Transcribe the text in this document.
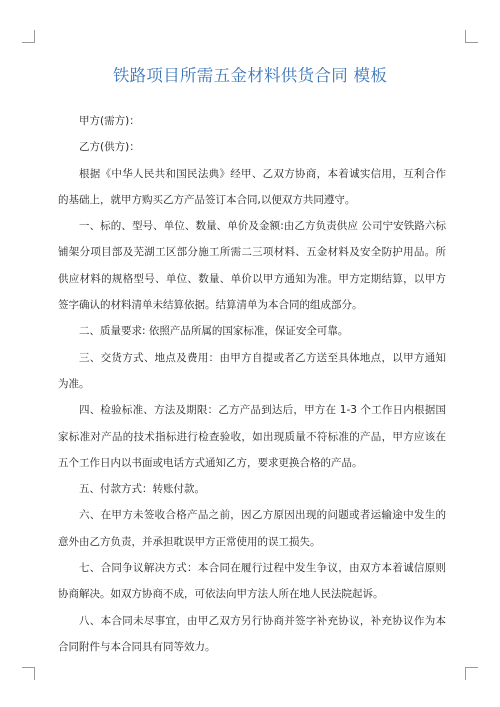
铁路项目所需五金材料供货合同 模板

甲方(需方)：

乙方(供方)：

根据《中华人民共和国民法典》经甲、乙双方协商，本着诚实信用，互利合作的基础上，就甲方购买乙方产品签订本合同,以便双方共同遵守。

一、标的、型号、单位、数量、单价及金额:由乙方负责供应 公司宁安铁路六标铺架分项目部及芜湖工区部分施工所需二三项材料、五金材料及安全防护用品。所供应材料的规格型号、单位、数量、单价以甲方通知为准。甲方定期结算，以甲方签字确认的材料清单未结算依据。结算清单为本合同的组成部分。

二、质量要求: 依照产品所属的国家标准，保证安全可靠。

三、交货方式、地点及费用：由甲方自提或者乙方送至具体地点，以甲方通知为准。

四、检验标准、方法及期限：乙方产品到达后，甲方在 1-3 个工作日内根据国家标准对产品的技术指标进行检查验收，如出现质量不符标准的产品，甲方应该在五个工作日内以书面或电话方式通知乙方，要求更换合格的产品。

五、付款方式：转账付款。

六、在甲方未签收合格产品之前，因乙方原因出现的问题或者运输途中发生的意外由乙方负责，并承担耽误甲方正常使用的误工损失。

七、合同争议解决方式：本合同在履行过程中发生争议，由双方本着诚信原则协商解决。如双方协商不成，可依法向甲方法人所在地人民法院起诉。

八、本合同未尽事宜，由甲乙双方另行协商并签字补充协议，补充协议作为本合同附件与本合同具有同等效力。
